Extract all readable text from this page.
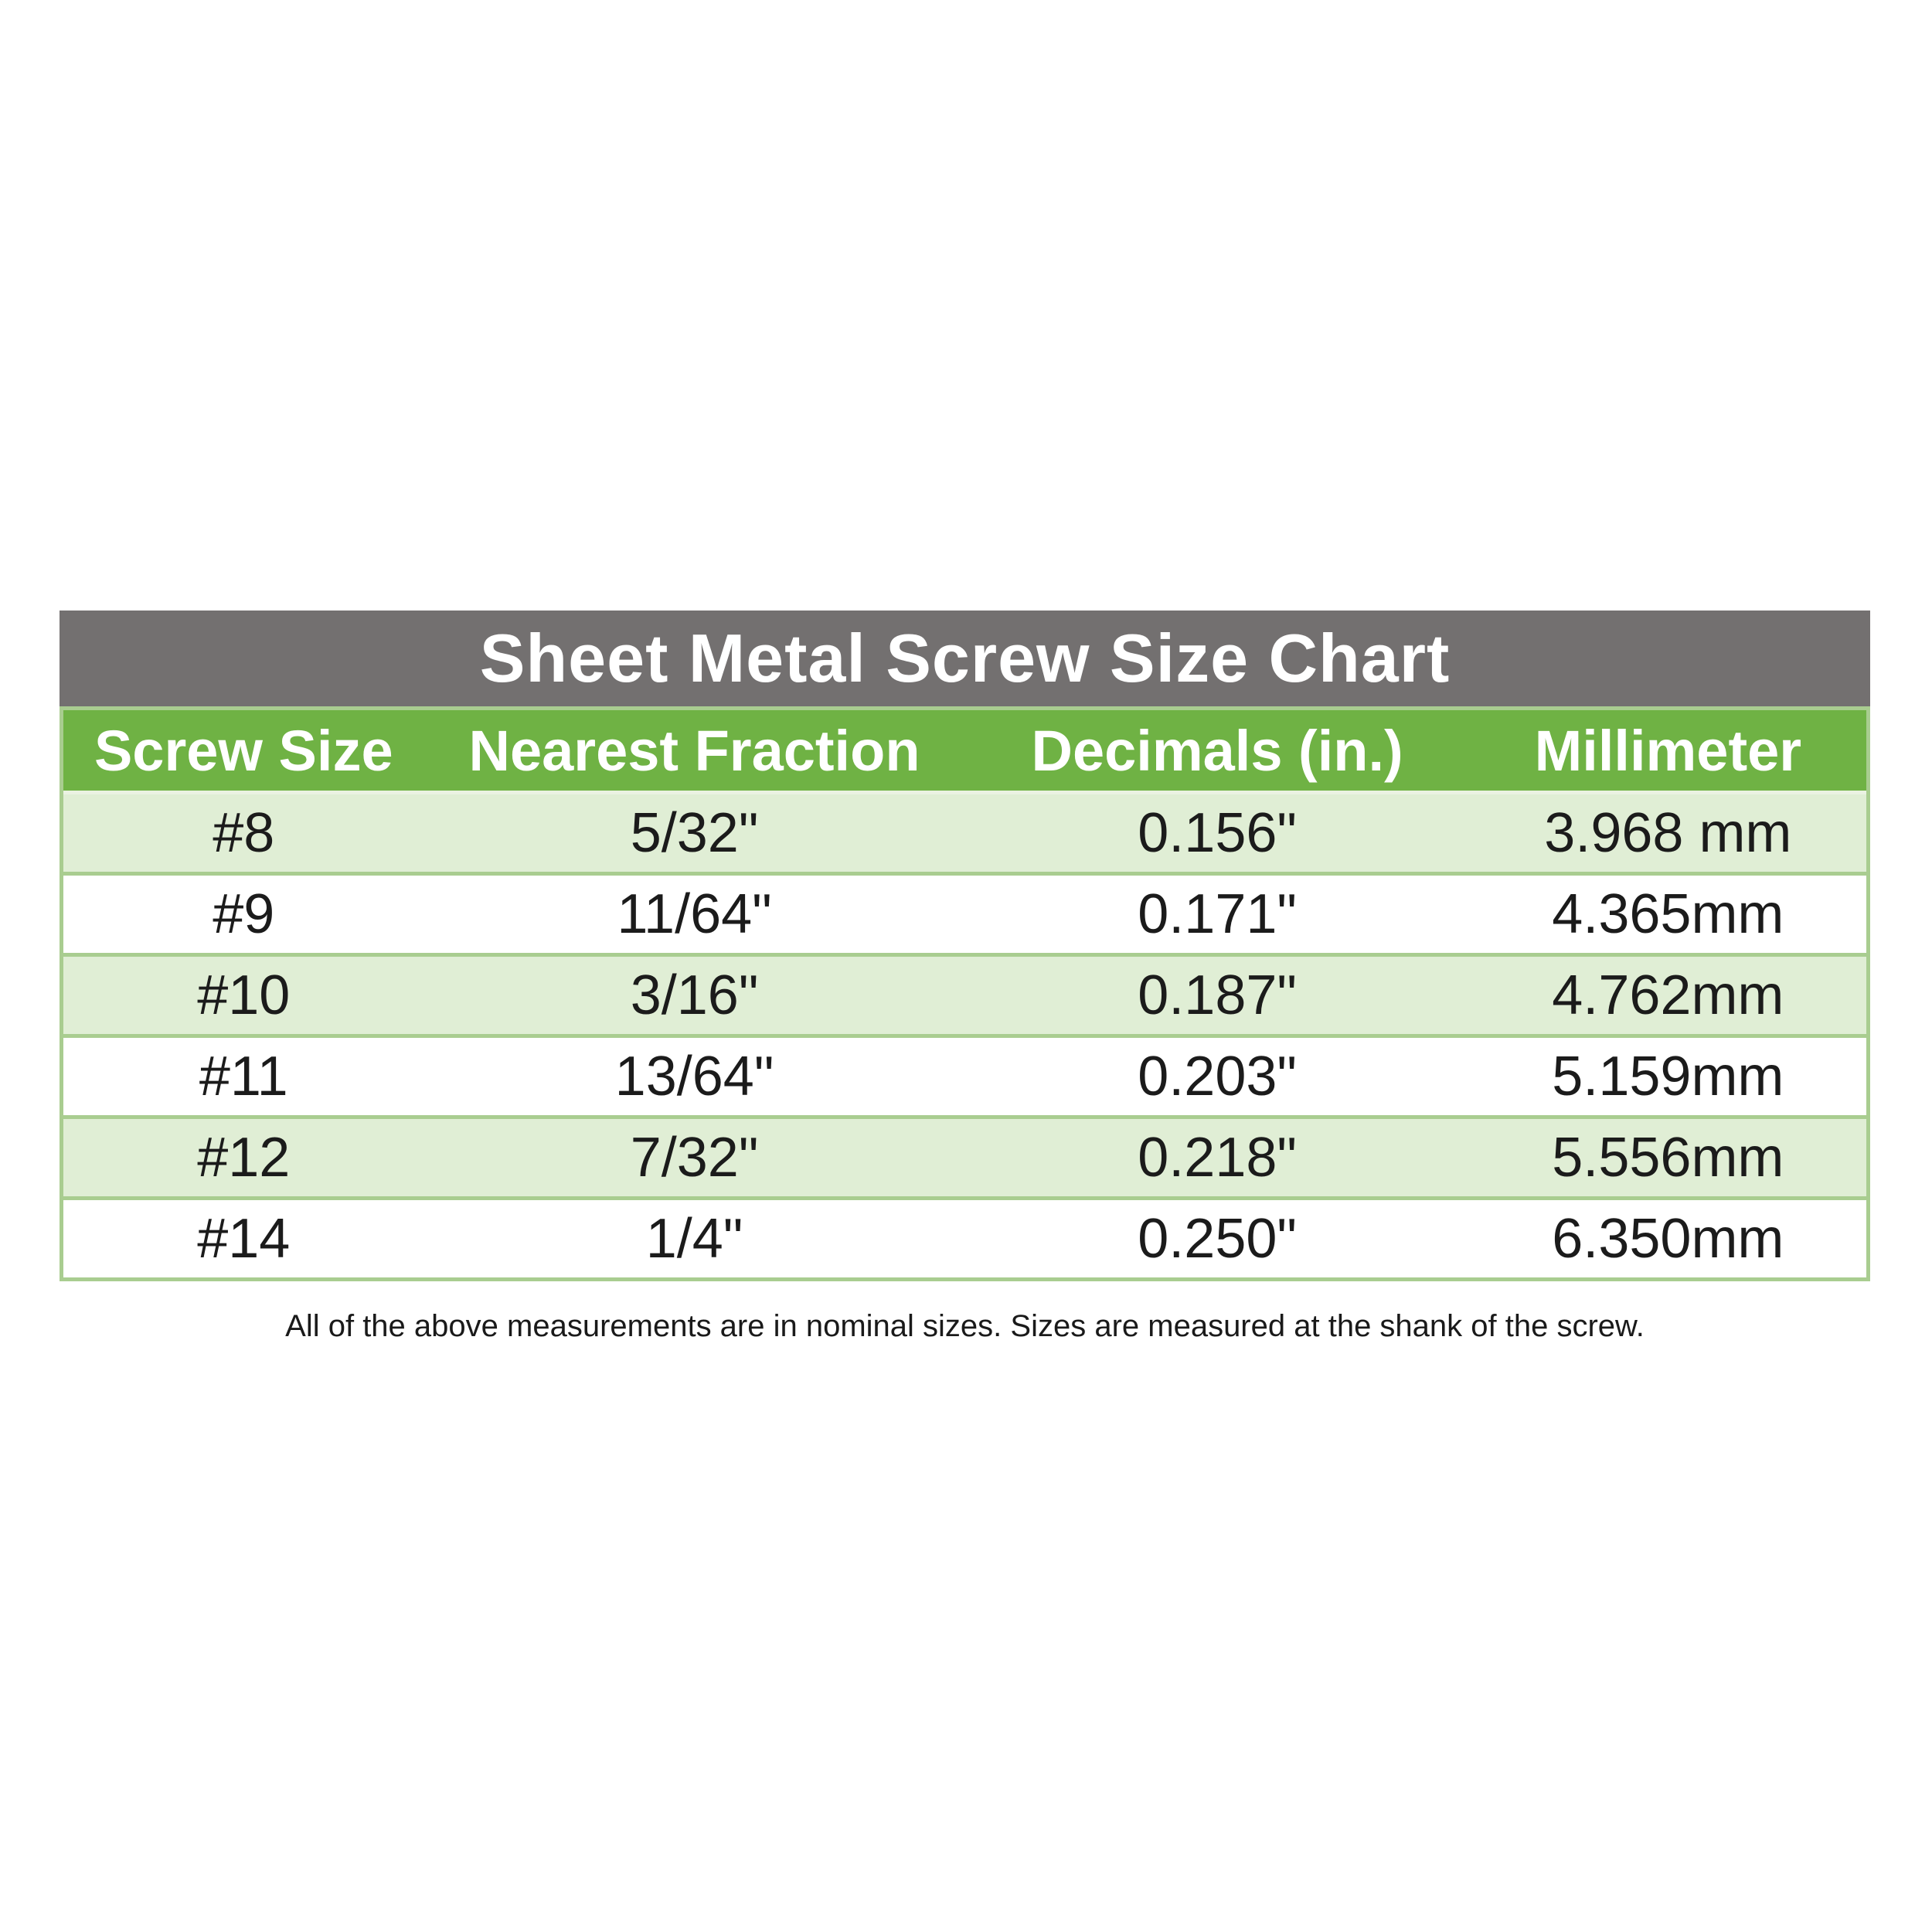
Sheet Metal Screw Size Chart
Screw Size	Nearest Fraction	Decimals (in.)	Millimeter
#8	5/32"	0.156"	3.968 mm
#9	11/64"	0.171"	4.365mm
#10	3/16"	0.187"	4.762mm
#11	13/64"	0.203"	5.159mm
#12	7/32"	0.218"	5.556mm
#14	1/4"	0.250"	6.350mm
All of the above measurements are in nominal sizes. Sizes are measured at the shank of the screw.
